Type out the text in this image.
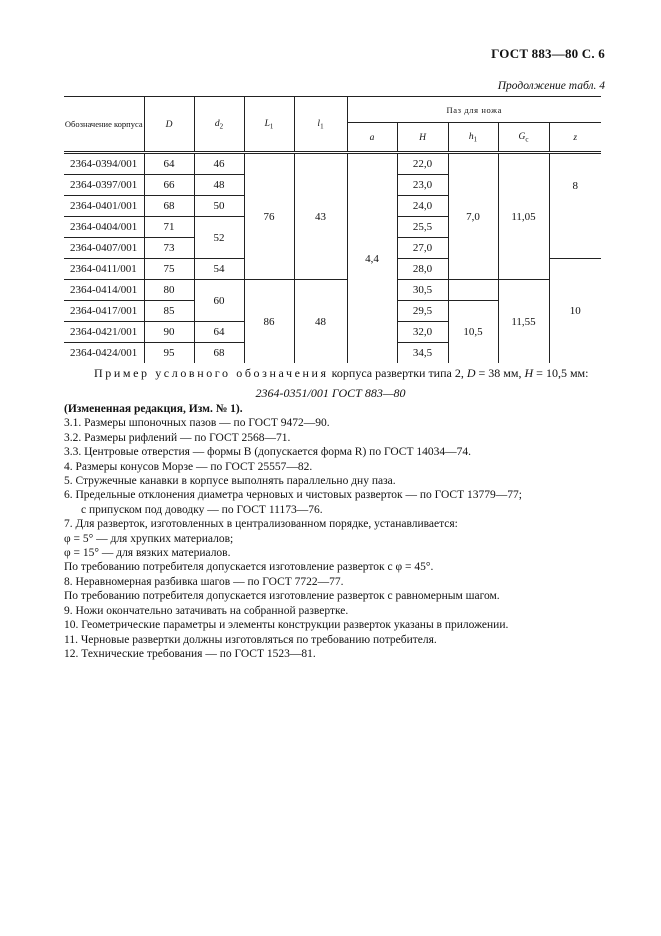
ГОСТ 883—80 С. 6
Продолжение табл. 4
Обозначение корпуса	D	$d_2$	$L_1$	$l_1$	Паз для ножа				
					a	H	$h_1$	$G_c$	z
2364-0394/001	64	46	76	43	4,4	22,0	7,0	11,05	8
2364-0397/001	66	48				23,0			
2364-0401/001	68	50				24,0			
2364-0404/001	71	52				25,5			
2364-0407/001	73					27,0			
2364-0411/001	75	54				28,0			10
2364-0414/001	80	60	86	48		30,5		11,55	
2364-0417/001	85					29,5	10,5		
2364-0421/001	90	64				32,0			
2364-0424/001	95	68				34,5			
Пример условного обозначения корпуса развертки типа 2, D = 38 мм, H = 10,5 мм:
2364-0351/001 ГОСТ 883—80
(Измененная редакция, Изм. № 1).
3.1. Размеры шпоночных пазов — по ГОСТ 9472—90.
3.2. Размеры рифлений — по ГОСТ 2568—71.
3.3. Центровые отверстия — формы В (допускается форма R) по ГОСТ 14034—74.
4. Размеры конусов Морзе — по ГОСТ 25557—82.
5. Стружечные канавки в корпусе выполнять параллельно дну паза.
6. Предельные отклонения диаметра черновых и чистовых разверток — по ГОСТ 13779—77;
с припуском под доводку — по ГОСТ 11173—76.
7. Для разверток, изготовленных в централизованном порядке, устанавливается:
φ = 5° — для хрупких материалов;
φ = 15° — для вязких материалов.
По требованию потребителя допускается изготовление разверток с φ = 45°.
8. Неравномерная разбивка шагов — по ГОСТ 7722—77.
По требованию потребителя допускается изготовление разверток с равномерным шагом.
9. Ножи окончательно затачивать на собранной развертке.
10. Геометрические параметры и элементы конструкции разверток указаны в приложении.
11. Черновые развертки должны изготовляться по требованию потребителя.
12. Технические требования — по ГОСТ 1523—81.
